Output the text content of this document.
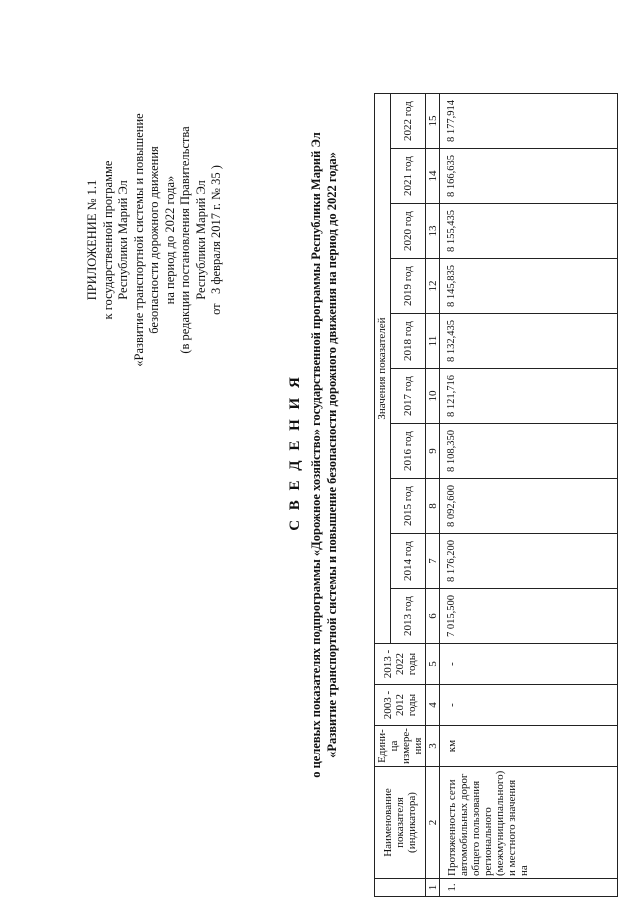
ПРИЛОЖЕНИЕ № 1.1 к государственной программе Республики Марий Эл «Развитие транспортной системы и повышение безопасности дорожного движения на период до 2022 года» (в редакции постановления Правительства Республики Марий Эл
от   3 февраля 2017 г. № 35 )
С В Е Д Е Н И Я о целевых показателях подпрограммы «Дорожное хозяйство» государственной программы Республики Марий Эл «Развитие транспортной системы и повышение безопасности дорожного движения на период до 2022 года»
	Наименование показателя (индикатора)	Едини-ца измере-ния	2003 - 2012 годы	2013 - 2022 годы	Значения показателей									
					2013 год	2014 год	2015 год	2016 год	2017 год	2018 год	2019 год	2020 год	2021 год	2022 год
1	2	3	4	5	6	7	8	9	10	11	12	13	14	15
1.	Протяженность сети автомобильных дорог общего пользования регионального (межмуниципального) и местного значения на	км	-	-	7 015,500	8 176,200	8 092,600	8 108,350	8 121,716	8 132,435	8 145,835	8 155,435	8 166,635	8 177,914
